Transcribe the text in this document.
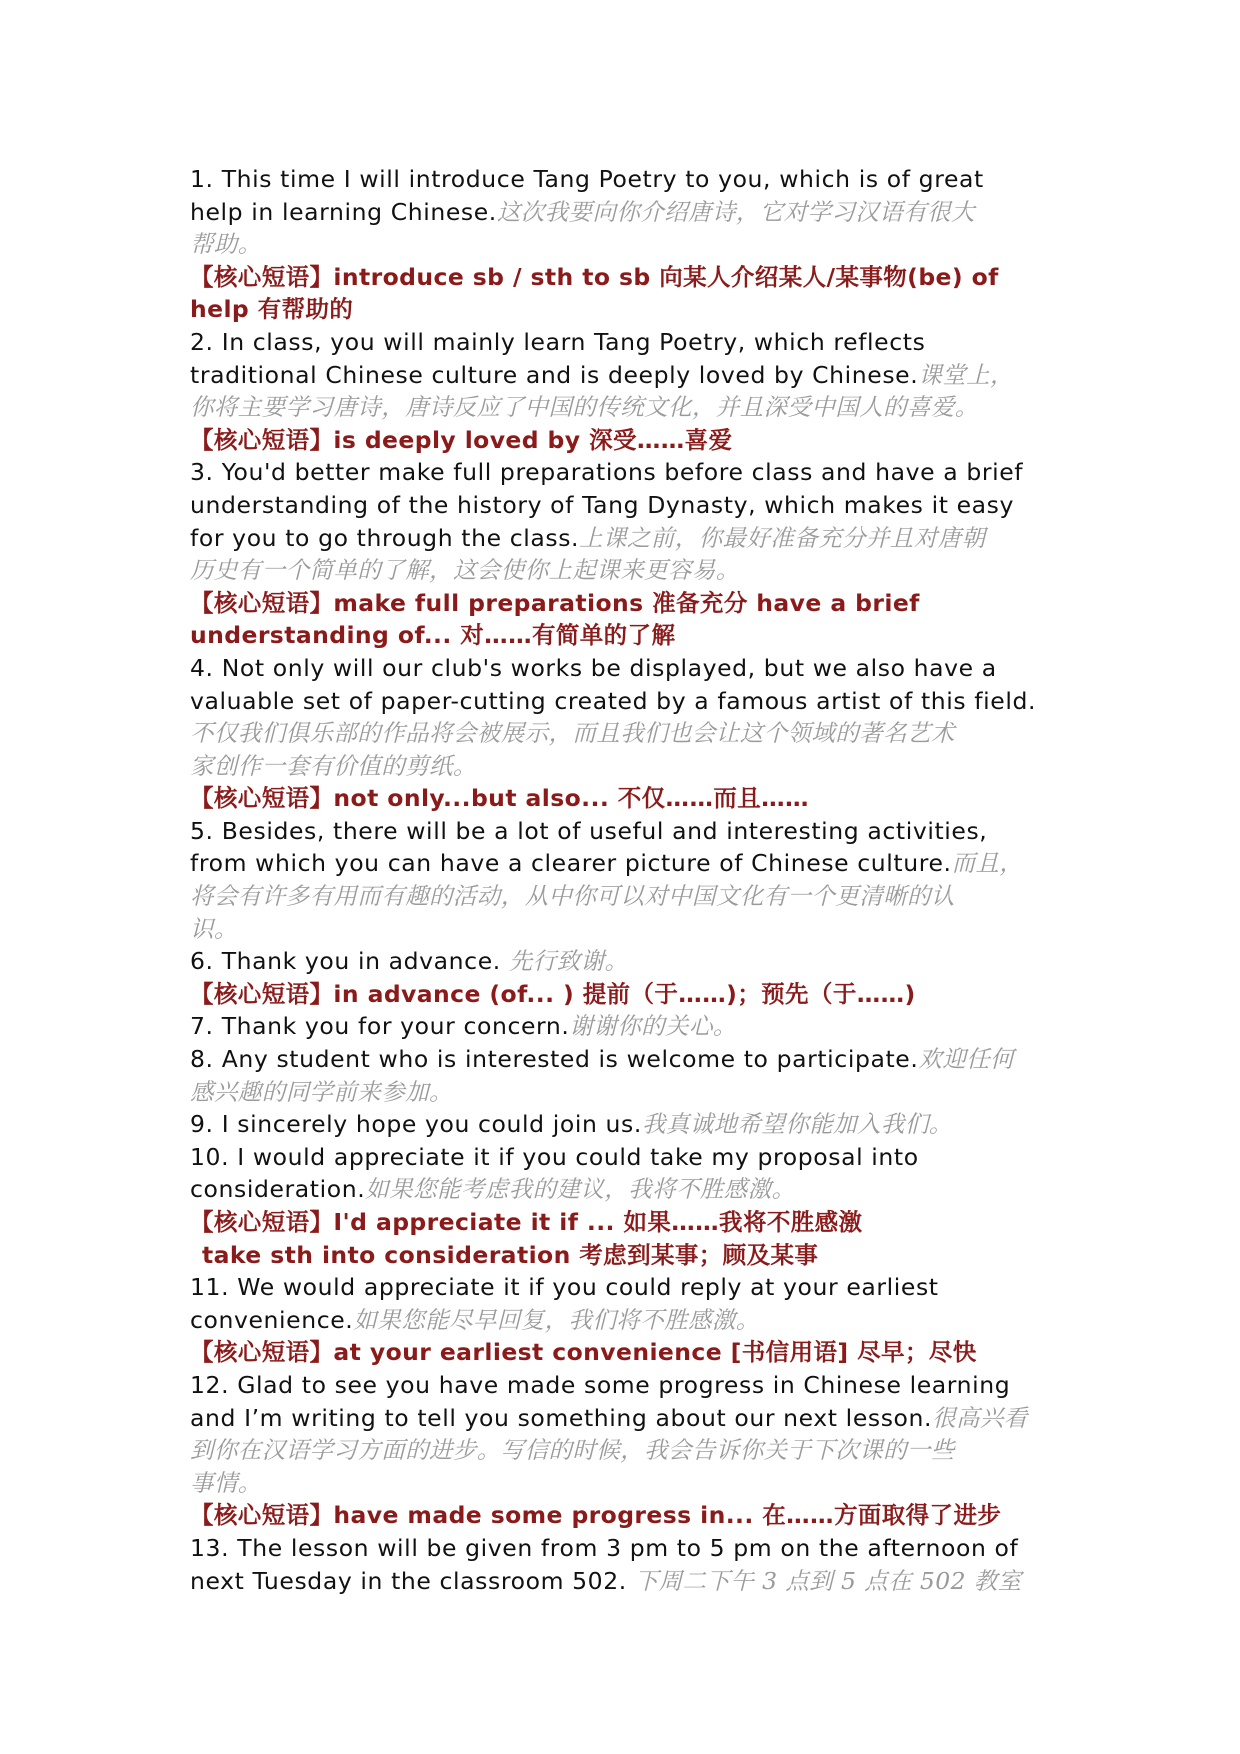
1. This time I will introduce Tang Poetry to you, which is of great
help in learning Chinese.这次我要向你介绍唐诗，它对学习汉语有很大
帮助。
【核心短语】introduce sb / sth to sb 向某人介绍某人/某事物(be) of
help 有帮助的
2. In class, you will mainly learn Tang Poetry, which reflects
traditional Chinese culture and is deeply loved by Chinese.课堂上，
你将主要学习唐诗，唐诗反应了中国的传统文化，并且深受中国人的喜爱。
【核心短语】is deeply loved by 深受……喜爱
3. You'd better make full preparations before class and have a brief
understanding of the history of Tang Dynasty, which makes it easy
for you to go through the class.上课之前，你最好准备充分并且对唐朝
历史有一个简单的了解，这会使你上起课来更容易。
【核心短语】make full preparations 准备充分 have a brief
understanding of... 对……有简单的了解
4. Not only will our club's works be displayed, but we also have a
valuable set of paper-cutting created by a famous artist of this field.
不仅我们俱乐部的作品将会被展示，而且我们也会让这个领域的著名艺术
家创作一套有价值的剪纸。
【核心短语】not only...but also... 不仅……而且……
5. Besides, there will be a lot of useful and interesting activities,
from which you can have a clearer picture of Chinese culture.而且，
将会有许多有用而有趣的活动，从中你可以对中国文化有一个更清晰的认
识。
6. Thank you in advance. 先行致谢。
【核心短语】in advance (of... ) 提前（于……)；预先（于……)
7. Thank you for your concern.谢谢你的关心。
8. Any student who is interested is welcome to participate.欢迎任何
感兴趣的同学前来参加。
9. I sincerely hope you could join us.我真诚地希望你能加入我们。
10. I would appreciate it if you could take my proposal into
consideration.如果您能考虑我的建议，我将不胜感激。
【核心短语】I'd appreciate it if ... 如果……我将不胜感激
take sth into consideration 考虑到某事；顾及某事
11. We would appreciate it if you could reply at your earliest
convenience.如果您能尽早回复，我们将不胜感激。
【核心短语】at your earliest convenience [书信用语] 尽早；尽快
12. Glad to see you have made some progress in Chinese learning
and I’m writing to tell you something about our next lesson.很高兴看
到你在汉语学习方面的进步。写信的时候，我会告诉你关于下次课的一些
事情。
【核心短语】have made some progress in... 在……方面取得了进步
13. The lesson will be given from 3 pm to 5 pm on the afternoon of
next Tuesday in the classroom 502. 下周二下午 3 点到 5 点在 502 教室
